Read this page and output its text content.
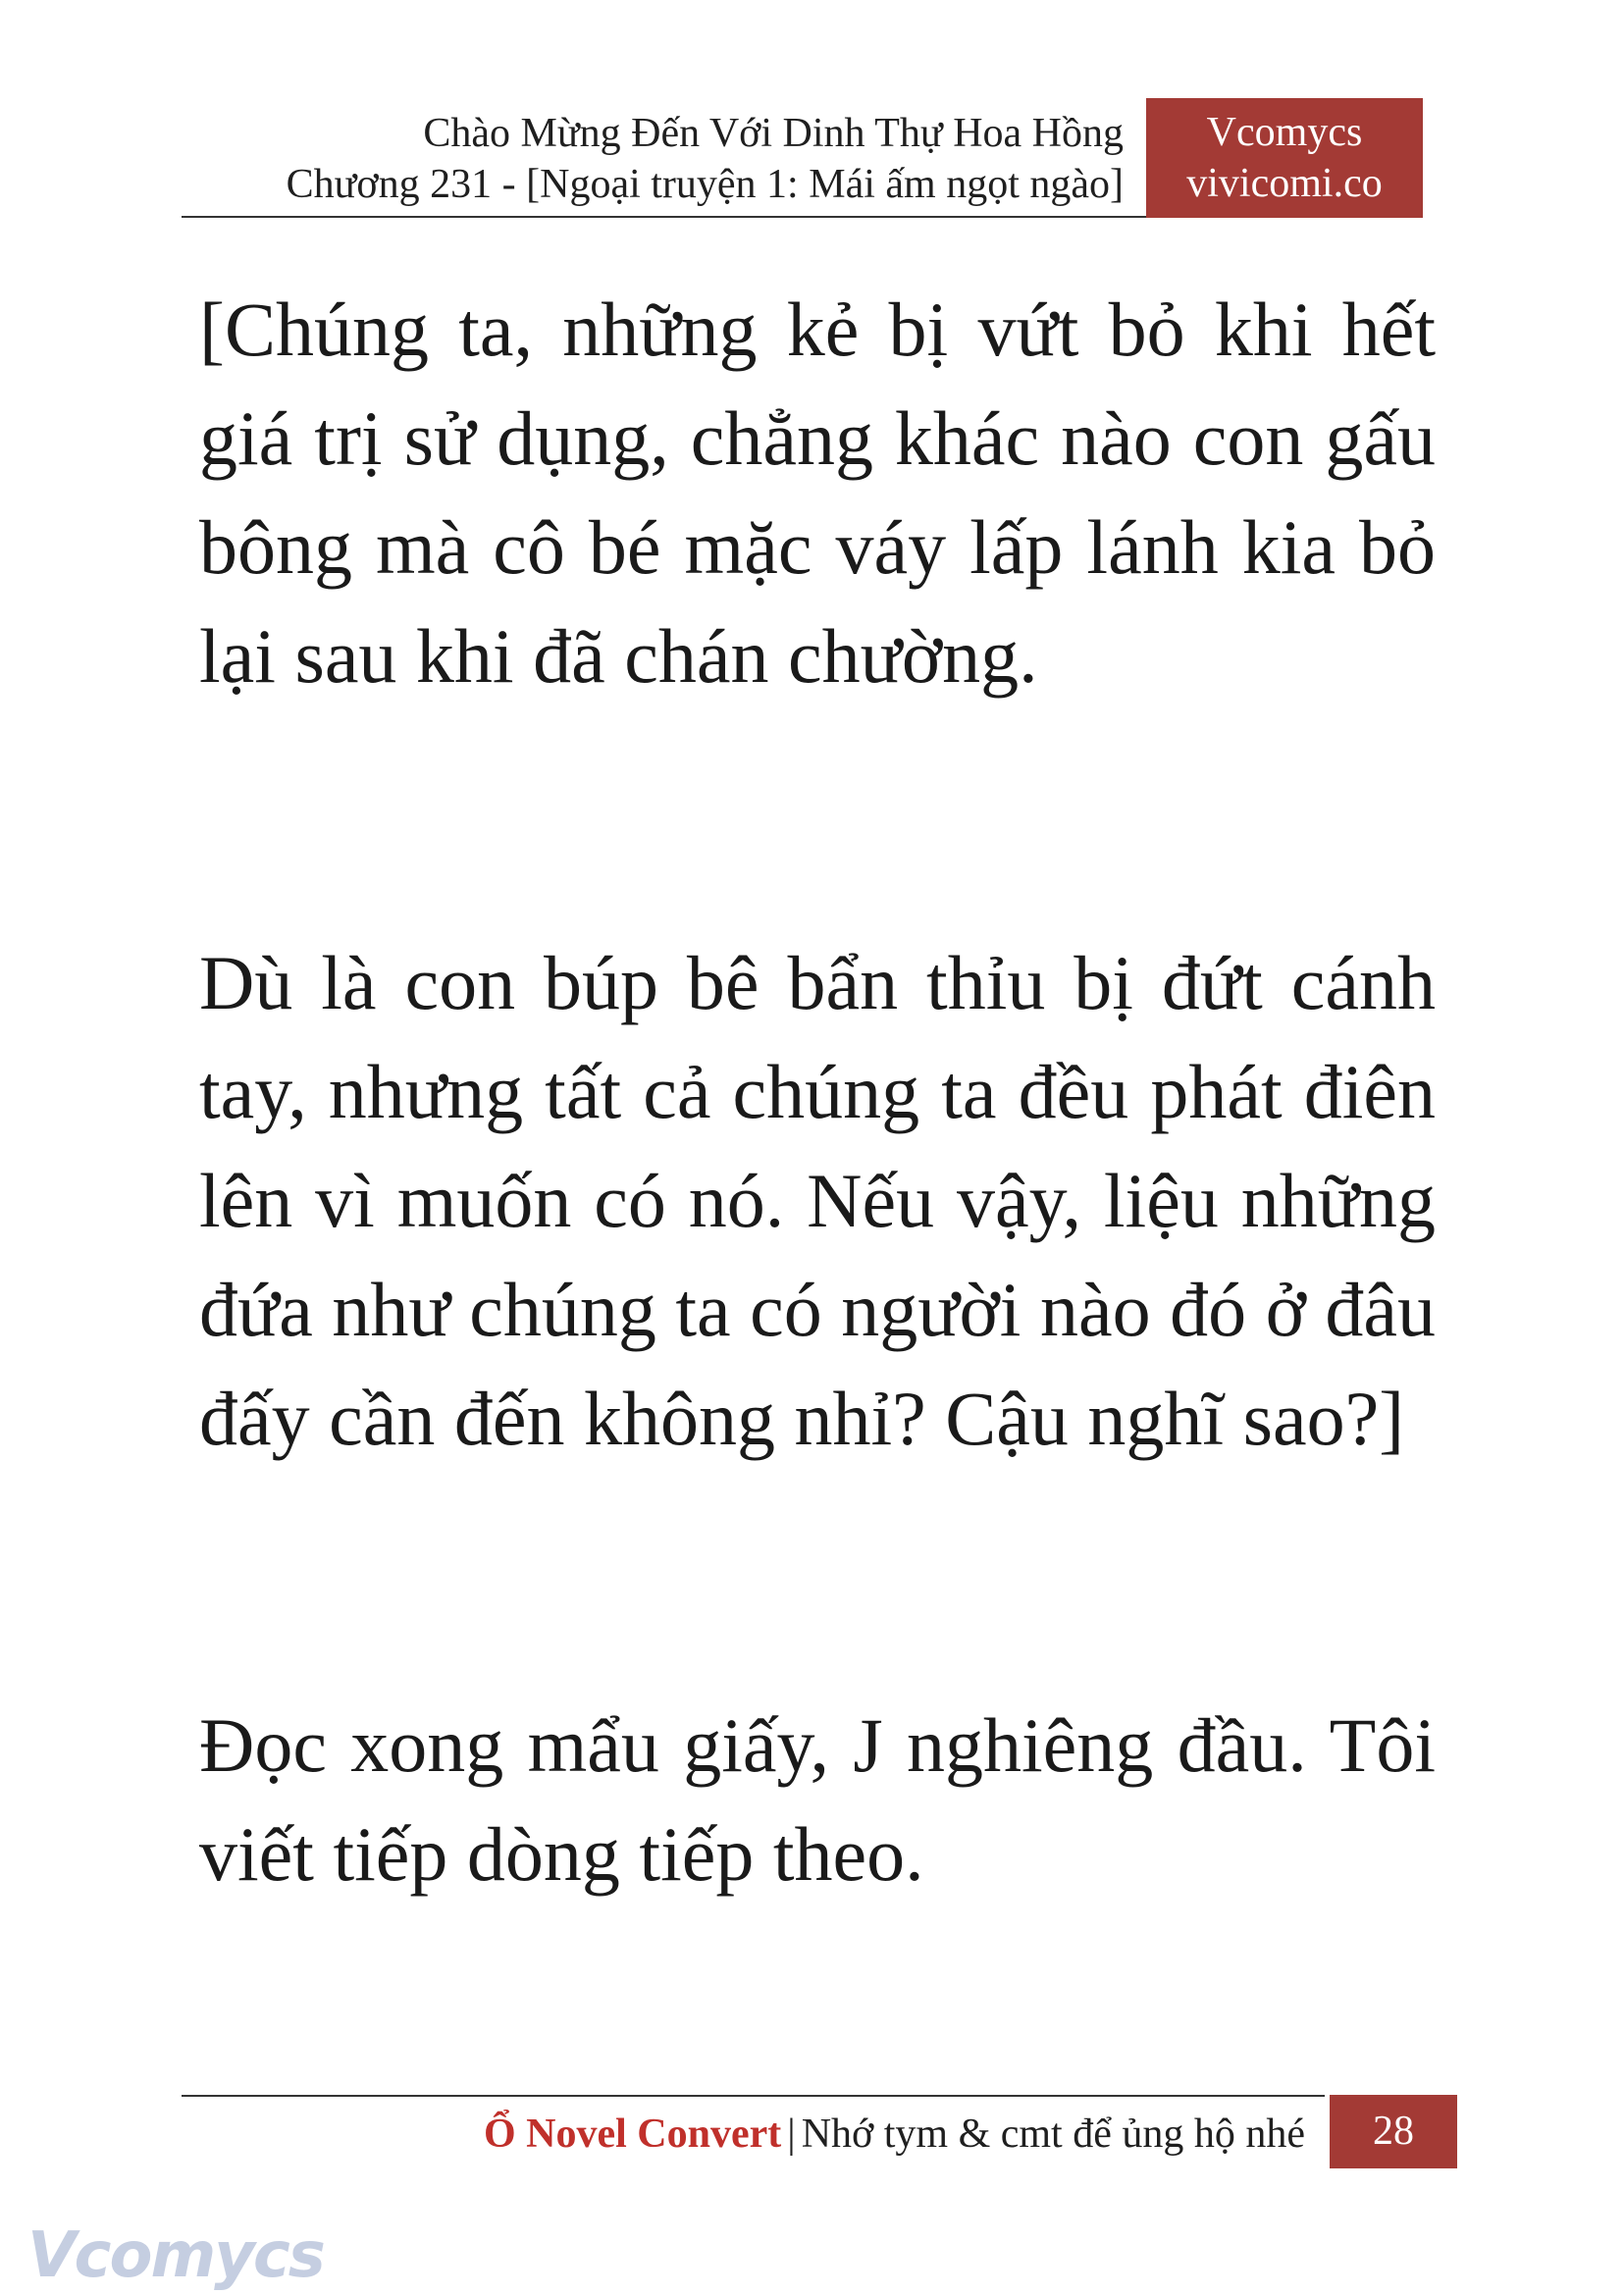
Chào Mừng Đến Với Dinh Thự Hoa Hồng
Chương 231 - [Ngoại truyện 1: Mái ấm ngọt ngào]
Vcomycs
vivicomi.co

[Chúng ta, những kẻ bị vứt bỏ khi hết giá trị sử dụng, chẳng khác nào con gấu bông mà cô bé mặc váy lấp lánh kia bỏ lại sau khi đã chán chường.

Dù là con búp bê bẩn thỉu bị đứt cánh tay, nhưng tất cả chúng ta đều phát điên lên vì muốn có nó. Nếu vậy, liệu những đứa như chúng ta có người nào đó ở đâu đấy cần đến không nhỉ? Cậu nghĩ sao?]

Đọc xong mẩu giấy, J nghiêng đầu. Tôi viết tiếp dòng tiếp theo.

Ổ Novel Convert | Nhớ tym & cmt để ủng hộ nhé	28
Vcomycs
